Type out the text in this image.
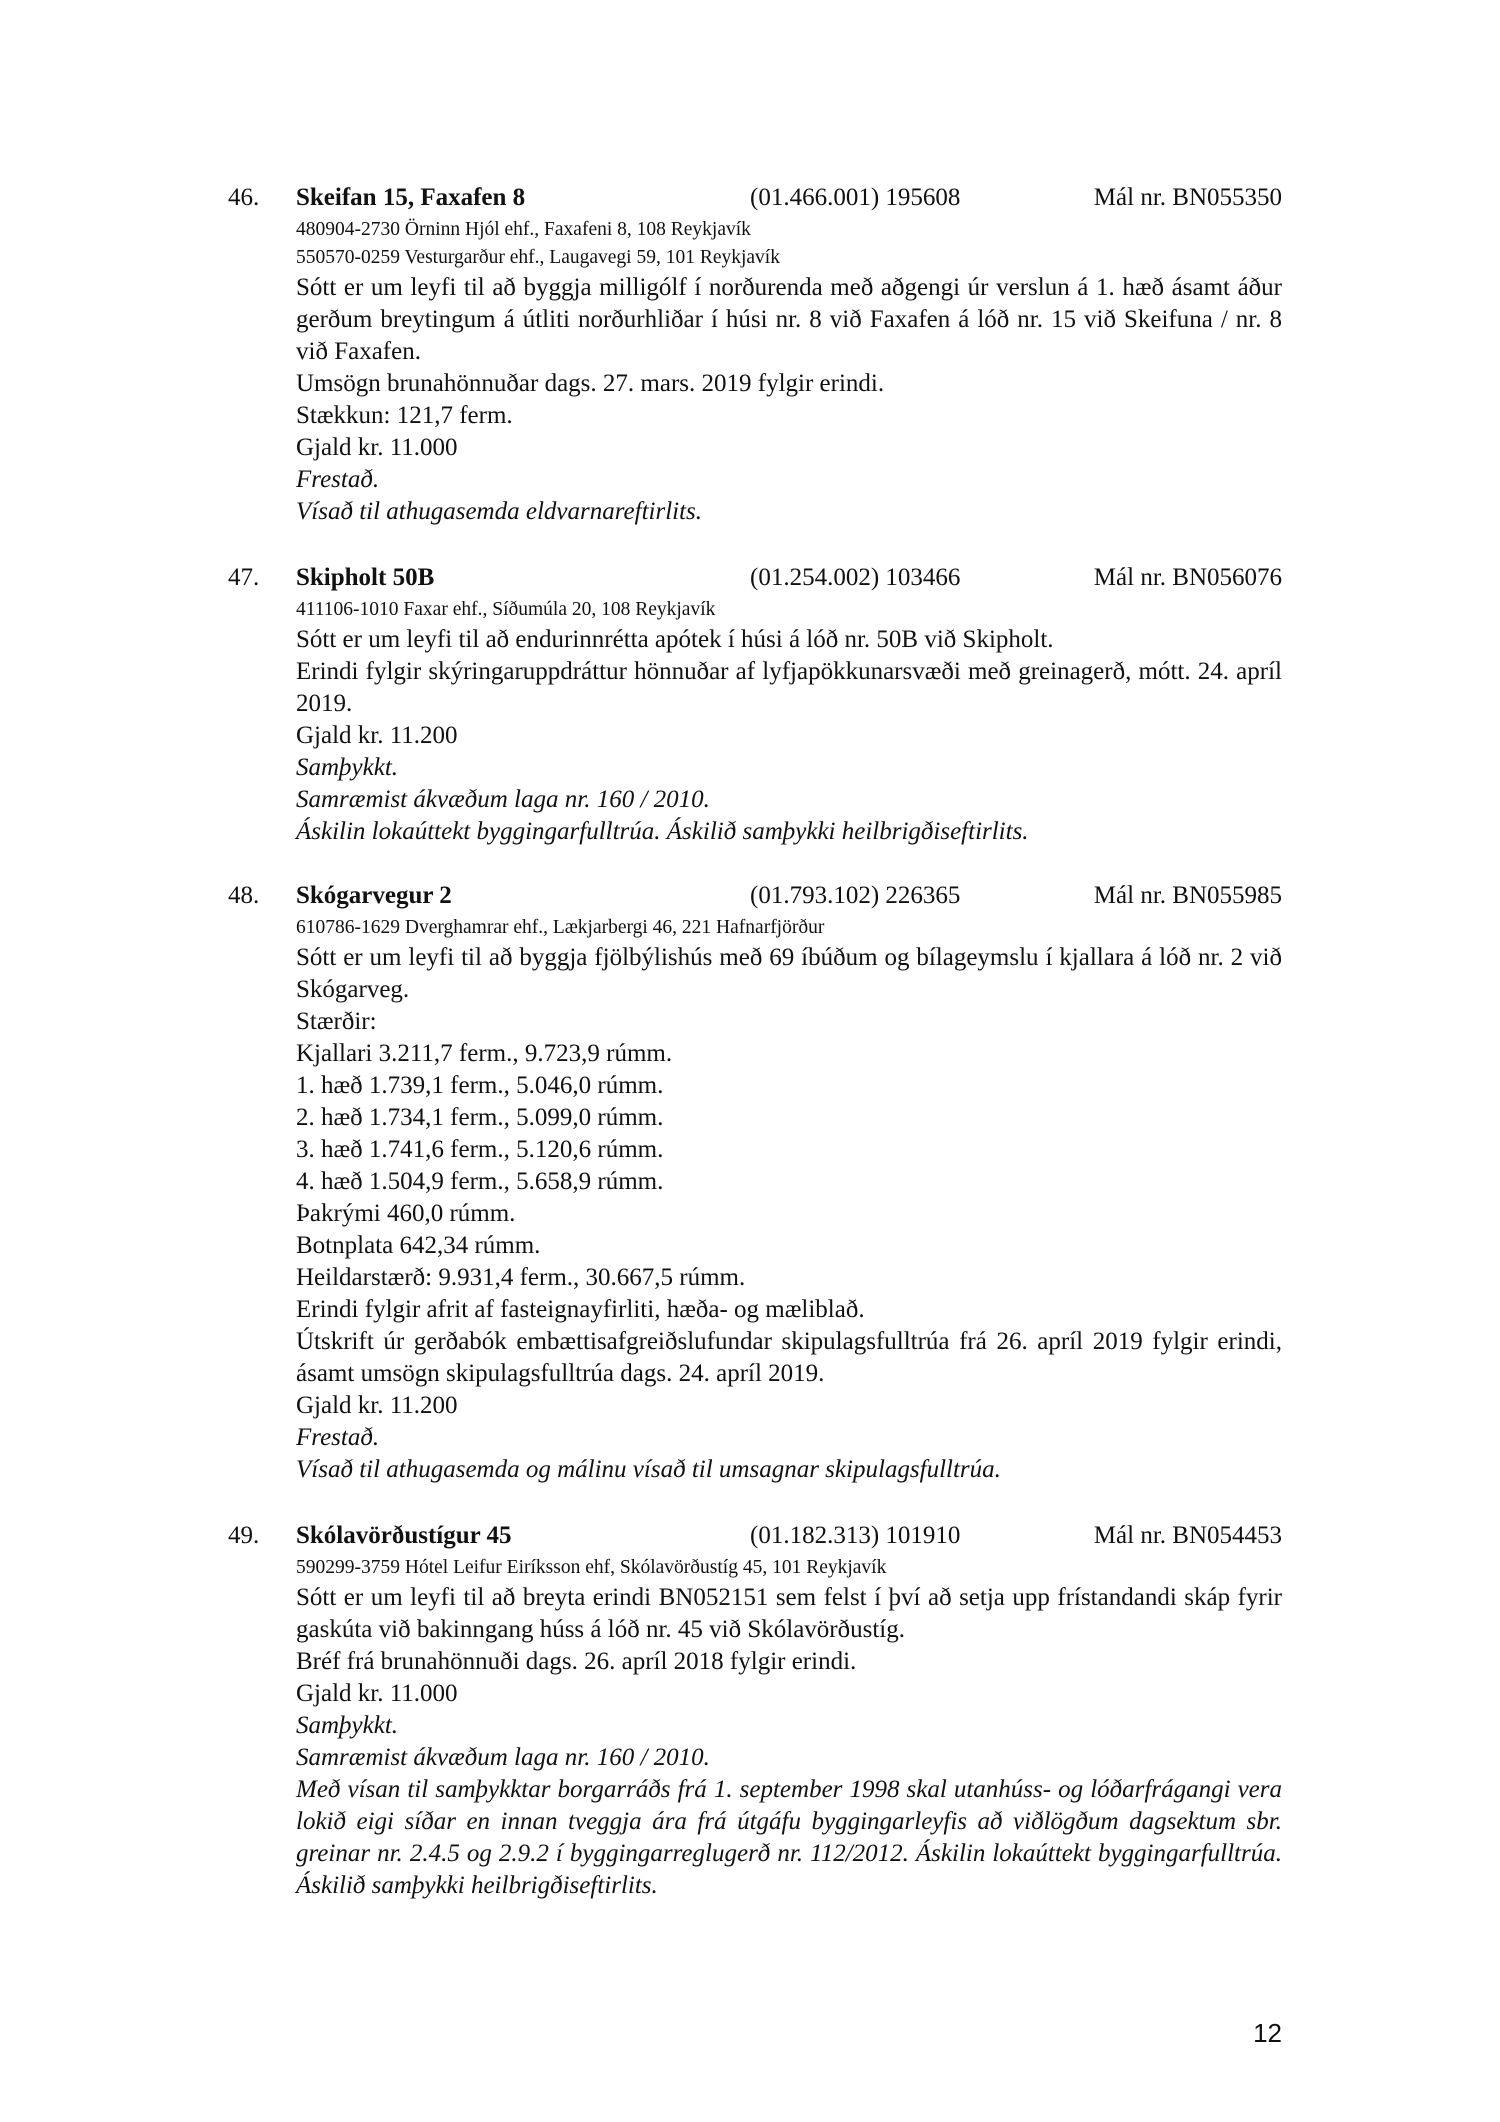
46. Skeifan 15, Faxafen 8	(01.466.001) 195608	Mál nr. BN055350
480904-2730 Örninn Hjól ehf., Faxafeni 8, 108 Reykjavík
550570-0259 Vesturgarður ehf., Laugavegi 59, 101 Reykjavík
Sótt er um leyfi til að byggja milligólf í norðurenda með aðgengi úr verslun á 1. hæð ásamt áður gerðum breytingum á útliti norðurhliðar í húsi nr. 8 við Faxafen á lóð nr. 15 við Skeifuna / nr. 8 við Faxafen.
Umsögn brunahönnuðar dags. 27. mars. 2019 fylgir erindi.
Stækkun: 121,7 ferm.
Gjald kr. 11.000
Frestað.
Vísað til athugasemda eldvarnareftirlits.
47. Skipholt 50B	(01.254.002) 103466	Mál nr. BN056076
411106-1010 Faxar ehf., Síðumúla 20, 108 Reykjavík
Sótt er um leyfi til að endurinnrétta apótek í húsi á lóð nr. 50B við Skipholt.
Erindi fylgir skýringaruppdráttur hönnuðar af lyfjapökkunarsvæði með greinagerð, mótt. 24. apríl 2019.
Gjald kr. 11.200
Samþykkt.
Samræmist ákvæðum laga nr. 160 / 2010.
Áskilin lokaúttekt byggingarfulltrúa. Áskilið samþykki heilbrigðiseftirlits.
48. Skógarvegur 2	(01.793.102) 226365	Mál nr. BN055985
610786-1629 Dverghamrar ehf., Lækjarbergi 46, 221 Hafnarfjörður
Sótt er um leyfi til að byggja fjölbýlishús með 69 íbúðum og bílageymslu í kjallara á lóð nr. 2 við Skógarveg.
Stærðir:
Kjallari 3.211,7 ferm., 9.723,9 rúmm.
1. hæð 1.739,1 ferm., 5.046,0 rúmm.
2. hæð 1.734,1 ferm., 5.099,0 rúmm.
3. hæð 1.741,6 ferm., 5.120,6 rúmm.
4. hæð 1.504,9 ferm., 5.658,9 rúmm.
Þakrými 460,0 rúmm.
Botnplata 642,34 rúmm.
Heildarstærð: 9.931,4 ferm., 30.667,5 rúmm.
Erindi fylgir afrit af fasteignayfirliti, hæða- og mæliblað.
Útskrift úr gerðabók embættisafgreiðslufundar skipulagsfulltrúa frá 26. apríl 2019 fylgir erindi, ásamt umsögn skipulagsfulltrúa dags. 24. apríl 2019.
Gjald kr. 11.200
Frestað.
Vísað til athugasemda og málinu vísað til umsagnar skipulagsfulltrúa.
49. Skólavörðustígur 45	(01.182.313) 101910	Mál nr. BN054453
590299-3759 Hótel Leifur Eiríksson ehf, Skólavörðustíg 45, 101 Reykjavík
Sótt er um leyfi til að breyta erindi BN052151 sem felst í því að setja upp frístandandi skáp fyrir gaskúta við bakinngang húss á lóð nr. 45 við Skólavörðustíg.
Bréf frá brunahönnuði dags. 26. apríl 2018 fylgir erindi.
Gjald kr. 11.000
Samþykkt.
Samræmist ákvæðum laga nr. 160 / 2010.
Með vísan til samþykktar borgarráðs frá 1. september 1998 skal utanhúss- og lóðarfrágangi vera lokið eigi síðar en innan tveggja ára frá útgáfu byggingarleyfis að viðlögðum dagsektum sbr. greinar nr. 2.4.5 og 2.9.2 í byggingarreglugerð nr. 112/2012. Áskilin lokaúttekt byggingarfulltrúa. Áskilið samþykki heilbrigðiseftirlits.
12
